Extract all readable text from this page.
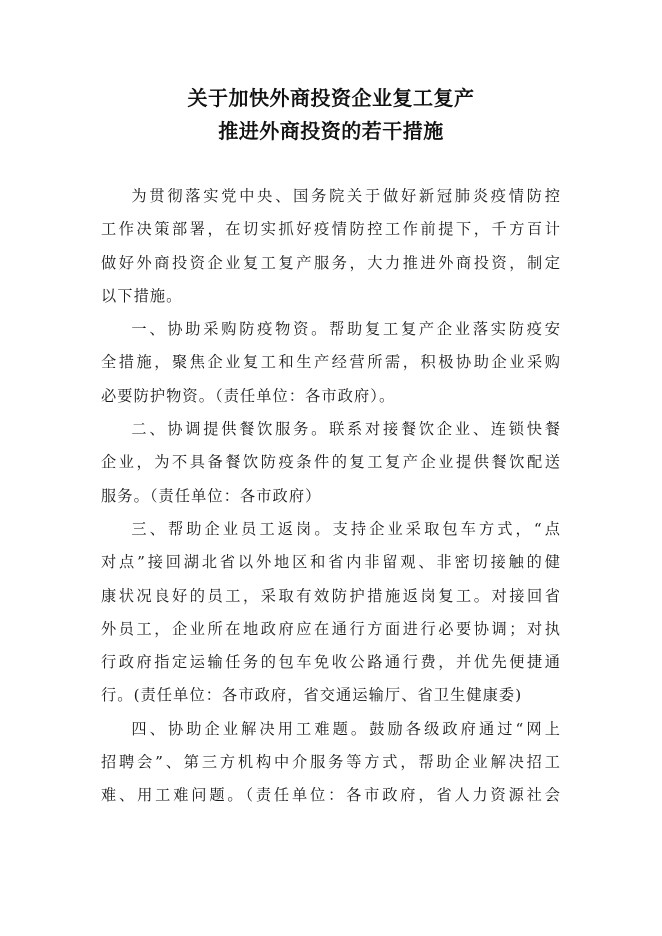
关于加快外商投资企业复工复产
推进外商投资的若干措施

为贯彻落实党中央、国务院关于做好新冠肺炎疫情防控
工作决策部署，在切实抓好疫情防控工作前提下，千方百计
做好外商投资企业复工复产服务，大力推进外商投资，制定
以下措施。

一、协助采购防疫物资。帮助复工复产企业落实防疫安
全措施，聚焦企业复工和生产经营所需，积极协助企业采购
必要防护物资。（责任单位：各市政府）。

二、协调提供餐饮服务。联系对接餐饮企业、连锁快餐
企业，为不具备餐饮防疫条件的复工复产企业提供餐饮配送
服务。（责任单位：各市政府）

三、帮助企业员工返岗。支持企业采取包车方式，“点
对点”接回湖北省以外地区和省内非留观、非密切接触的健
康状况良好的员工，采取有效防护措施返岗复工。对接回省
外员工，企业所在地政府应在通行方面进行必要协调；对执
行政府指定运输任务的包车免收公路通行费，并优先便捷通
行。(责任单位：各市政府，省交通运输厅、省卫生健康委)

四、协助企业解决用工难题。鼓励各级政府通过“网上
招聘会”、第三方机构中介服务等方式，帮助企业解决招工
难、用工难问题。（责任单位：各市政府，省人力资源社会
